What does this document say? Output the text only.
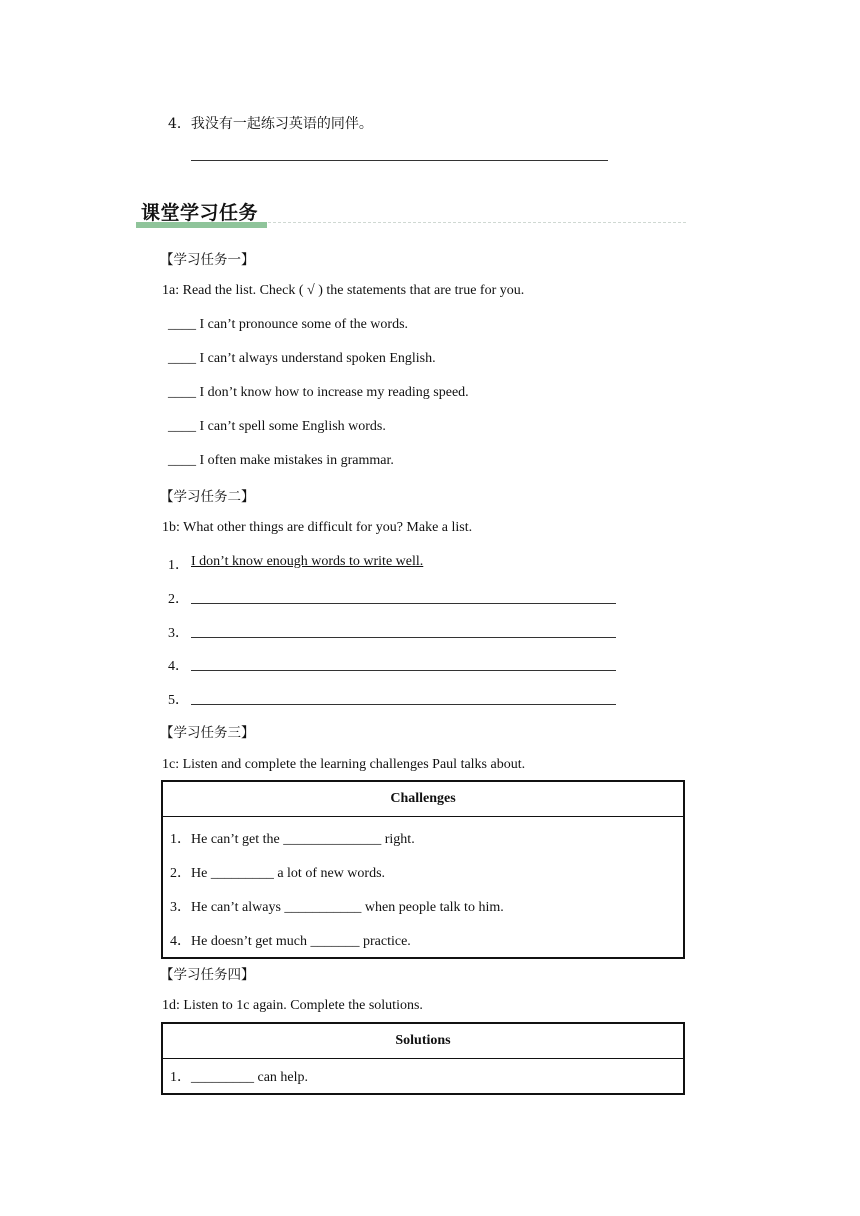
4．我没有一起练习英语的同伴。
课堂学习任务
【学习任务一】
1a: Read the list. Check ( √ ) the statements that are true for you.
____ I can’t pronounce some of the words.
____ I can’t always understand spoken English.
____ I don’t know how to increase my reading speed.
____ I can’t spell some English words.
____ I often make mistakes in grammar.
【学习任务二】
1b: What other things are difficult for you? Make a list.
1． I don’t know enough words to write well.
2．
3．
4．
5．
【学习任务三】
1c: Listen and complete the learning challenges Paul talks about.
Challenges
1．He can’t get the ______________ right.
2．He _________ a lot of new words.
3．He can’t always ___________ when people talk to him.
4．He doesn’t get much _______ practice.
【学习任务四】
1d: Listen to 1c again. Complete the solutions.
Solutions
1．_________ can help.
